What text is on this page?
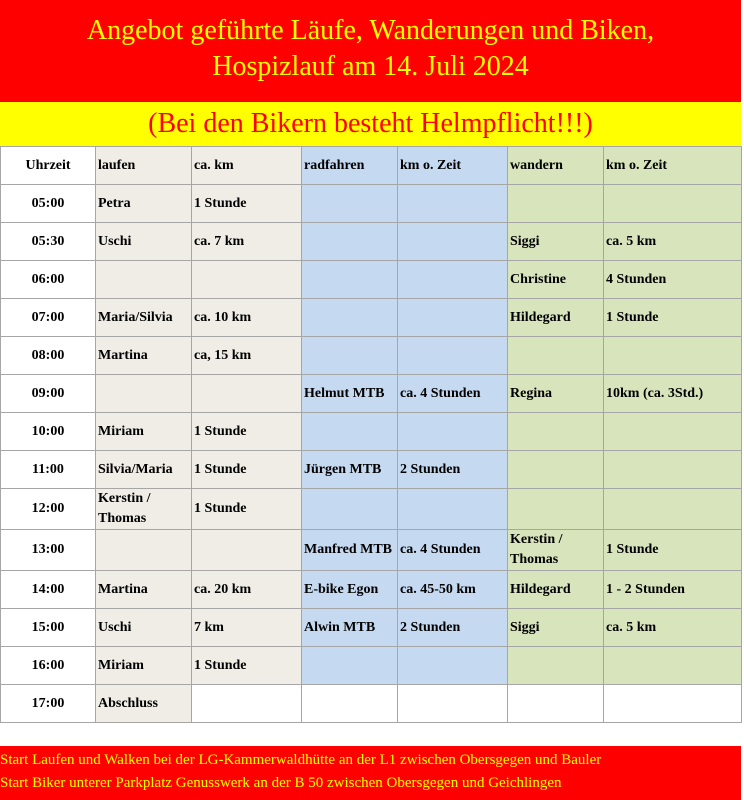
Angebot geführte Läufe, Wanderungen und Biken,
Hospizlauf am 14. Juli 2024
(Bei den Bikern besteht Helmpflicht!!!)
Uhrzeit	laufen	ca. km	radfahren	km o. Zeit	wandern	km o. Zeit
05:00	Petra	1 Stunde				
05:30	Uschi	ca. 7 km			Siggi	ca. 5 km
06:00					Christine	4 Stunden
07:00	Maria/Silvia	ca. 10 km			Hildegard	1 Stunde
08:00	Martina	ca, 15 km				
09:00			Helmut MTB	ca. 4 Stunden	Regina	10km (ca. 3Std.)
10:00	Miriam	1 Stunde				
11:00	Silvia/Maria	1 Stunde	Jürgen MTB	2 Stunden		
12:00	Kerstin / Thomas	1 Stunde				
13:00			Manfred MTB	ca. 4 Stunden	Kerstin / Thomas	1 Stunde
14:00	Martina	ca. 20 km	E-bike Egon	ca. 45-50 km	Hildegard	1 - 2 Stunden
15:00	Uschi	7 km	Alwin MTB	2 Stunden	Siggi	ca. 5 km
16:00	Miriam	1 Stunde				
17:00	Abschluss					
Start Laufen und Walken bei der LG-Kammerwaldhütte an der L1 zwischen Obersgegen und Bauler
Start Biker unterer Parkplatz Genusswerk an der B 50 zwischen Obersgegen und Geichlingen
